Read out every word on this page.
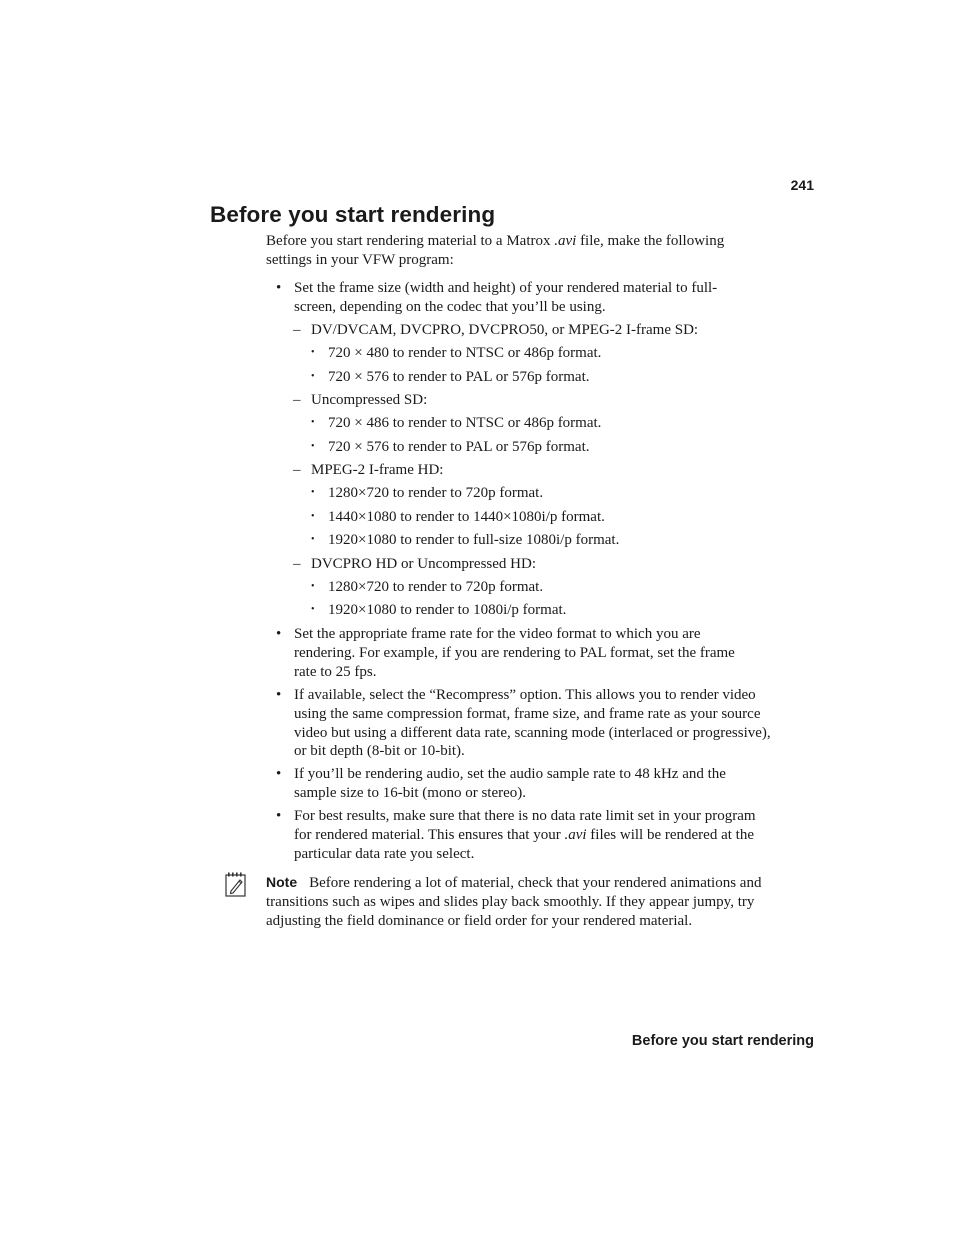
241
Before you start rendering

Before you start rendering material to a Matrox .avi file, make the following settings in your VFW program:

• Set the frame size (width and height) of your rendered material to full-screen, depending on the codec that you’ll be using.
– DV/DVCAM, DVCPRO, DVCPRO50, or MPEG-2 I-frame SD:
• 720 × 480 to render to NTSC or 486p format.
• 720 × 576 to render to PAL or 576p format.
– Uncompressed SD:
• 720 × 486 to render to NTSC or 486p format.
• 720 × 576 to render to PAL or 576p format.
– MPEG-2 I-frame HD:
• 1280×720 to render to 720p format.
• 1440×1080 to render to 1440×1080i/p format.
• 1920×1080 to render to full-size 1080i/p format.
– DVCPRO HD or Uncompressed HD:
• 1280×720 to render to 720p format.
• 1920×1080 to render to 1080i/p format.
• Set the appropriate frame rate for the video format to which you are rendering. For example, if you are rendering to PAL format, set the frame rate to 25 fps.
• If available, select the “Recompress” option. This allows you to render video using the same compression format, frame size, and frame rate as your source video but using a different data rate, scanning mode (interlaced or progressive), or bit depth (8-bit or 10-bit).
• If you’ll be rendering audio, set the audio sample rate to 48 kHz and the sample size to 16-bit (mono or stereo).
• For best results, make sure that there is no data rate limit set in your program for rendered material. This ensures that your .avi files will be rendered at the particular data rate you select.
Note Before rendering a lot of material, check that your rendered animations and transitions such as wipes and slides play back smoothly. If they appear jumpy, try adjusting the field dominance or field order for your rendered material.
Before you start rendering
